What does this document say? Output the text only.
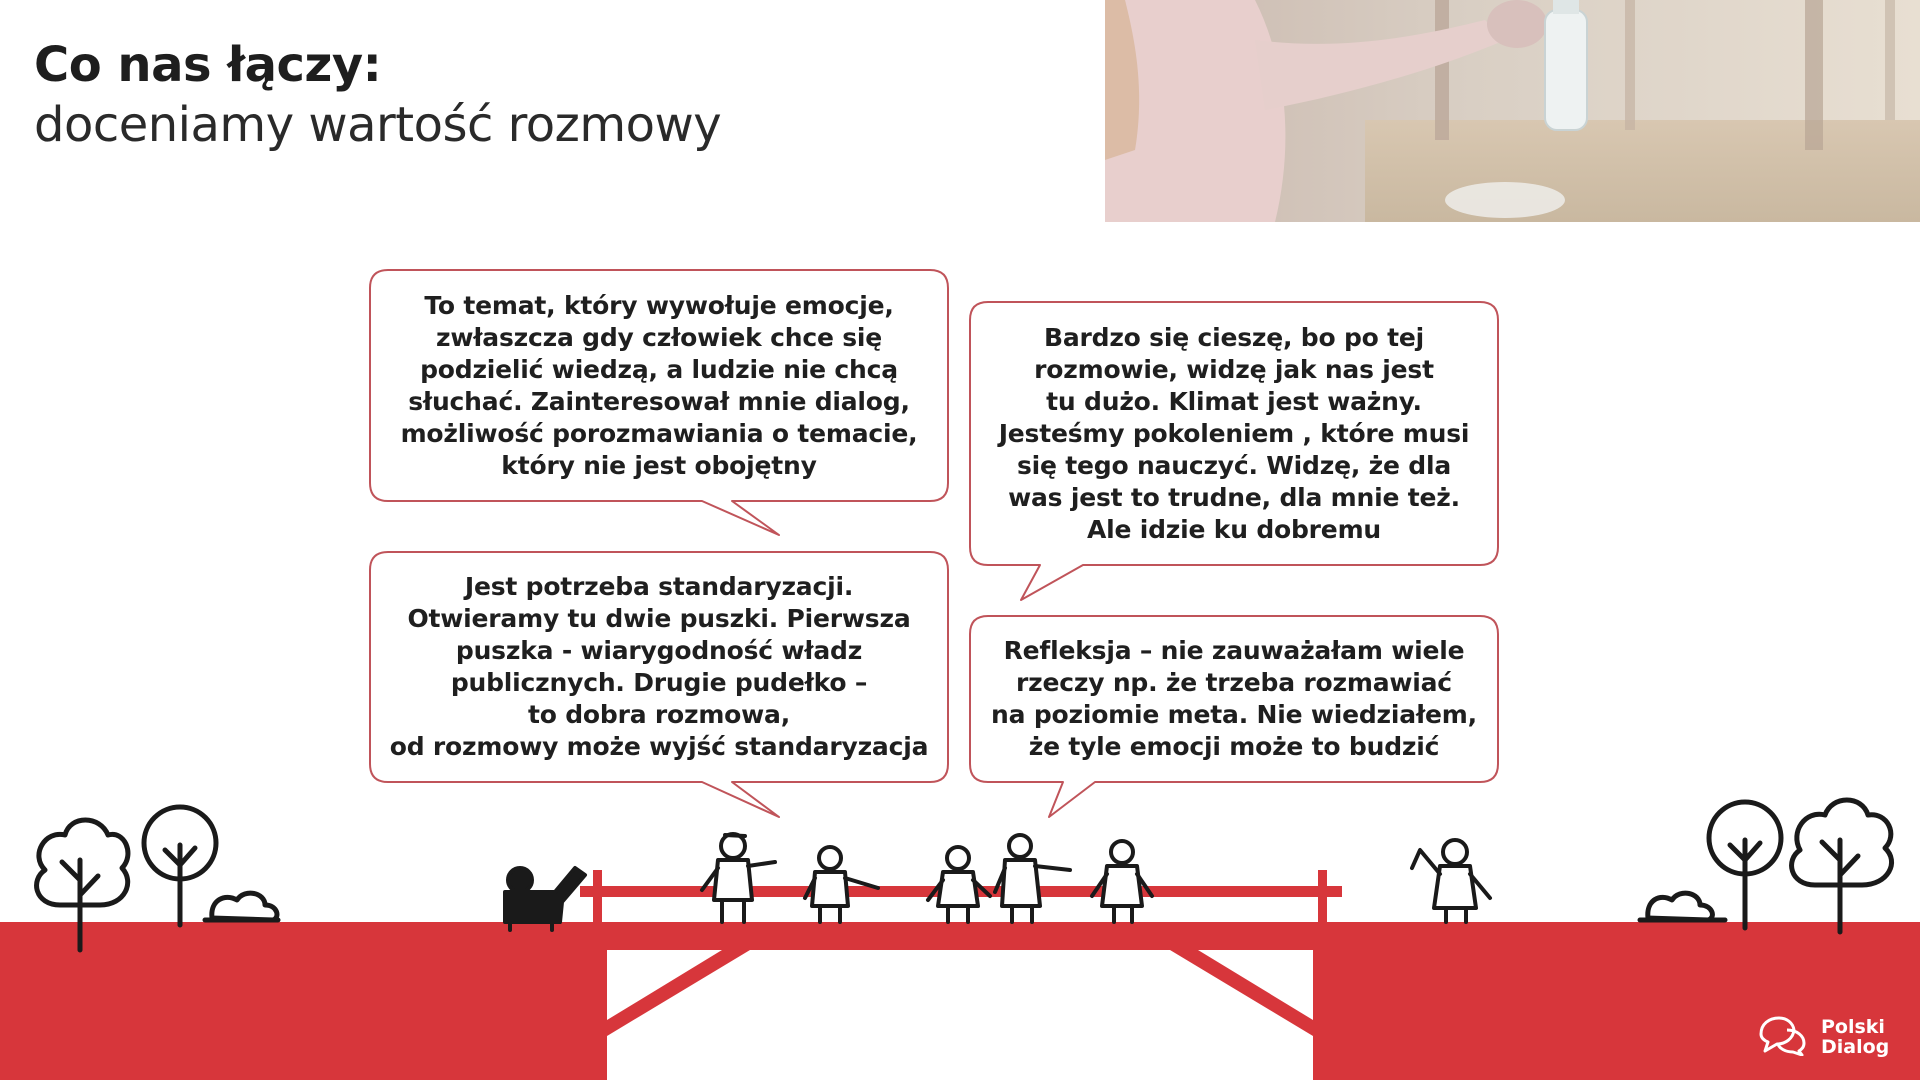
Co nas łączy:
doceniamy wartość rozmowy
To temat, który wywołuje emocje,
zwłaszcza gdy człowiek chce się
podzielić wiedzą, a ludzie nie chcą
słuchać. Zainteresował mnie dialog,
możliwość porozmawiania o temacie,
który nie jest obojętny
Bardzo się cieszę, bo po tej
rozmowie, widzę jak nas jest
tu dużo. Klimat jest ważny.
Jesteśmy pokoleniem , które musi
się tego nauczyć. Widzę, że dla
was jest to trudne, dla mnie też.
Ale idzie ku dobremu
Jest potrzeba standaryzacji.
Otwieramy tu dwie puszki. Pierwsza
puszka - wiarygodność władz
publicznych. Drugie pudełko –
to dobra rozmowa,
od rozmowy może wyjść standaryzacja
Refleksja – nie zauważałam wiele
rzeczy np. że trzeba rozmawiać
na poziomie meta. Nie wiedziałem,
że tyle emocji może to budzić
Polski
Dialog
